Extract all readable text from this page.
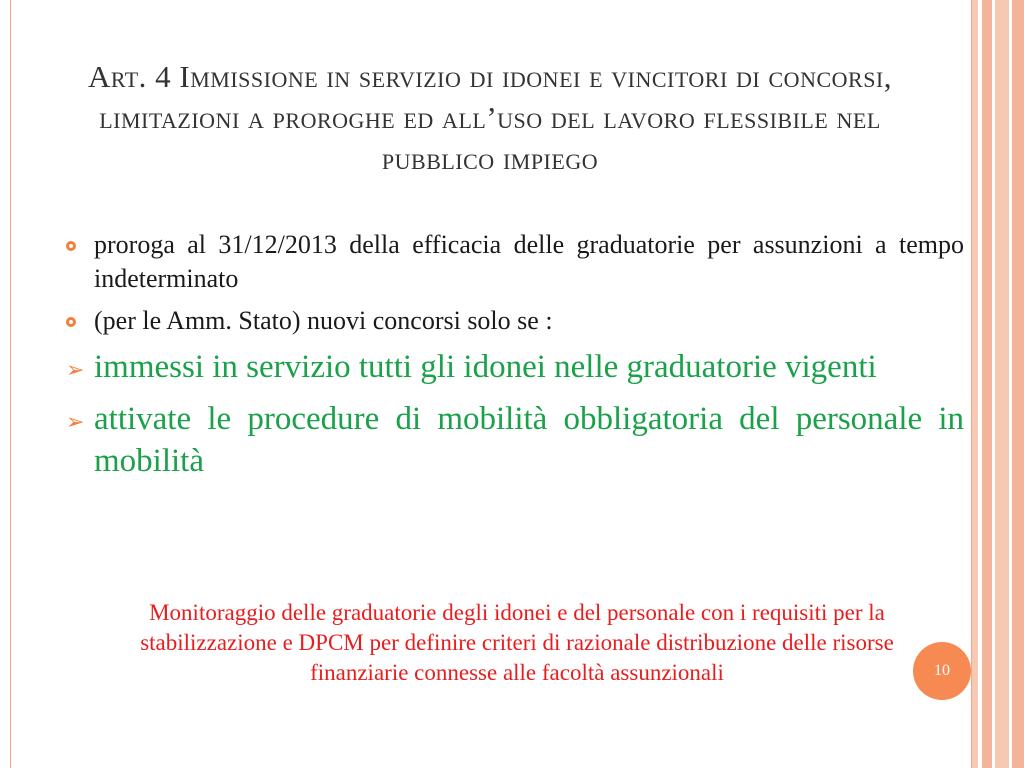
Art. 4 Immissione in servizio di idonei e vincitori di concorsi, limitazioni a proroghe ed all’uso del lavoro flessibile nel pubblico impiego
proroga al 31/12/2013 della efficacia delle graduatorie per assunzioni a tempo indeterminato
(per le Amm. Stato) nuovi concorsi solo se :
➢ immessi in servizio tutti gli idonei nelle graduatorie vigenti
➢ attivate le procedure di mobilità obbligatoria del personale in mobilità
Monitoraggio delle graduatorie degli idonei e del personale con i requisiti per la stabilizzazione e DPCM per definire criteri di razionale distribuzione delle risorse finanziarie connesse alle facoltà assunzionali	10
